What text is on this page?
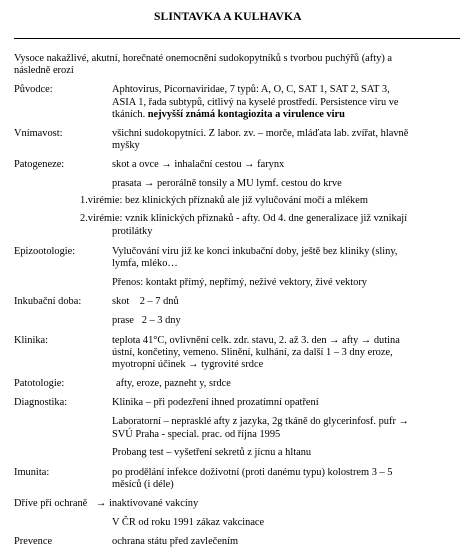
SLINTAVKA A KULHAVKA
Vysoce nakažlivé, akutní, horečnaté onemocnění sudokopytníků s tvorbou puchýřů (afty) a
následně erozí
Původce:	Aphtovirus, Picornaviridae, 7 typů: A, O, C, SAT 1, SAT 2, SAT 3,
ASIA 1, řada subtypů, citlivý na kyselé prostředí. Persistence viru ve
tkáních. nejvyšší známá kontagiozita a virulence viru
Vnímavost:	všichni sudokopytníci. Z labor. zv. – morče, mláďata lab. zvířat, hlavně
myšky
Patogeneze:	skot a ovce → inhalační cestou → farynx
prasata → perorálně tonsily a MU lymf. cestou do krve
1.virémie: bez klinických příznaků ale již vylučování močí a mlékem
2.virémie: vznik klinických příznaků - afty. Od 4. dne generalizace již vznikají
protilátky
Epizootologie:	Vylučování viru již ke konci inkubační doby, ještě bez kliniky (sliny,
lymfa, mléko…
Přenos: kontakt přímý, nepřímý, neživé vektory, živé vektory
Inkubační doba:	skot    2 – 7 dnů
prase   2 – 3 dny
Klinika:	teplota 41°C, ovlivnění celk. zdr. stavu, 2. až 3. den → afty → dutina
ústní, končetiny, vemeno. Slinění, kulhání, za další 1 – 3 dny eroze,
myotropní účinek → tygrovité srdce
Patotologie:	afty, eroze, pazneht y, srdce
Diagnostika:	Klinika – při podezření ihned prozatímní opatření
Laboratorní – neprasklé afty z jazyka, 2g tkáně do glycerinfosf. pufr →
SVÚ Praha - special. prac. od října 1995
Probang test – vyšetření sekretů z jícnu a hltanu
Imunita:	po prodělání infekce doživotní (proti danému typu) kolostrem 3 – 5
měsíců (i déle)
Dříve při ochraně → inaktivované vakcíny
V ČR od roku 1991 zákaz vakcinace
Prevence	ochrana státu před zavlečením
